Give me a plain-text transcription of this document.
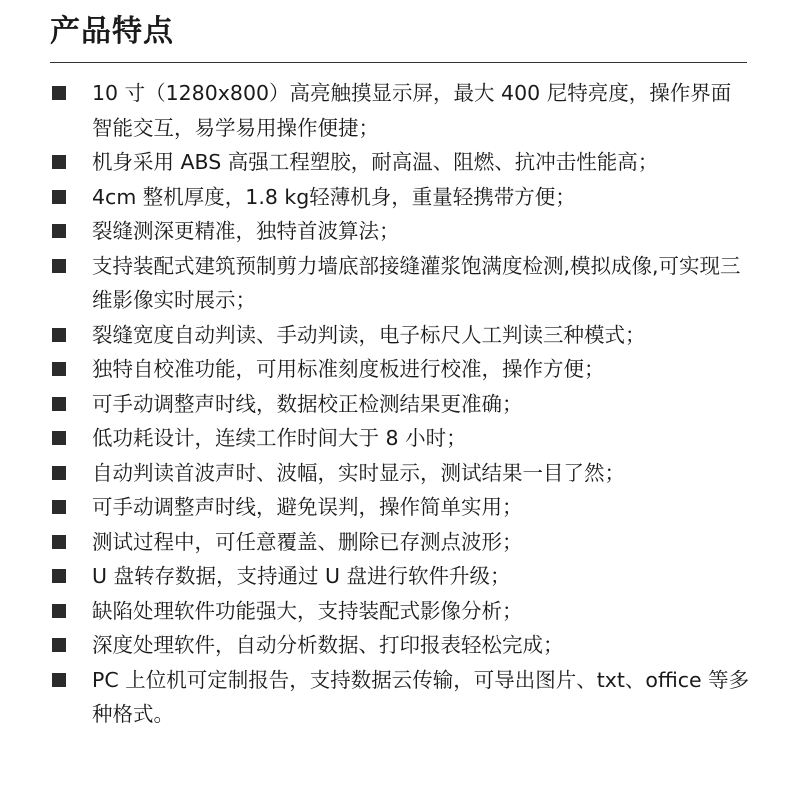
产品特点
10 寸（1280x800）高亮触摸显示屏，最大 400 尼特亮度，操作界面智能交互，易学易用操作便捷；
机身采用 ABS 高强工程塑胶，耐高温、阻燃、抗冲击性能高；
4cm 整机厚度，1.8 kg轻薄机身，重量轻携带方便；
裂缝测深更精准，独特首波算法；
支持装配式建筑预制剪力墙底部接缝灌浆饱满度检测,模拟成像,可实现三维影像实时展示；
裂缝宽度自动判读、手动判读，电子标尺人工判读三种模式；
独特自校准功能，可用标准刻度板进行校准，操作方便；
可手动调整声时线，数据校正检测结果更准确；
低功耗设计，连续工作时间大于 8 小时；
自动判读首波声时、波幅，实时显示，测试结果一目了然；
可手动调整声时线，避免误判，操作简单实用；
测试过程中，可任意覆盖、删除已存测点波形；
U 盘转存数据，支持通过 U 盘进行软件升级；
缺陷处理软件功能强大，支持装配式影像分析；
深度处理软件，自动分析数据、打印报表轻松完成；
PC 上位机可定制报告，支持数据云传输，可导出图片、txt、office 等多种格式。
